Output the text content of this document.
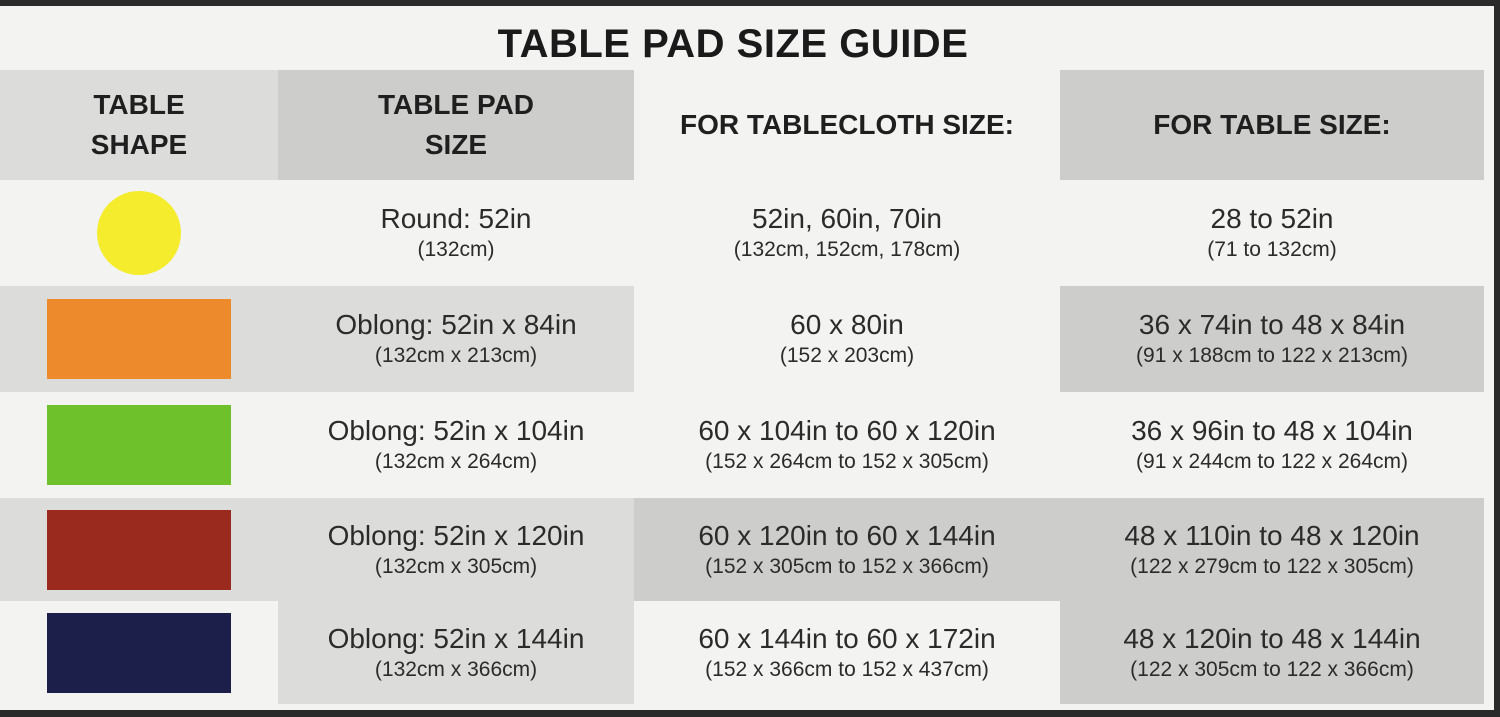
TABLE PAD SIZE GUIDE
TABLE
SHAPE
TABLE PAD
SIZE
FOR TABLECLOTH SIZE:	FOR TABLE SIZE:
Round: 52in
(132cm)
52in, 60in, 70in
(132cm, 152cm, 178cm)
28 to 52in
(71 to 132cm)
Oblong: 52in x 84in
(132cm x 213cm)
60 x 80in
(152 x 203cm)
36 x 74in to 48 x 84in
(91 x 188cm to 122 x 213cm)
Oblong: 52in x 104in
(132cm x 264cm)
60 x 104in to 60 x 120in
(152 x 264cm to 152 x 305cm)
36 x 96in to 48 x 104in
(91 x 244cm to 122 x 264cm)
Oblong: 52in x 120in
(132cm x 305cm)
60 x 120in to 60 x 144in
(152 x 305cm to 152 x 366cm)
48 x 110in to 48 x 120in
(122 x 279cm to 122 x 305cm)
Oblong: 52in x 144in
(132cm x 366cm)
60 x 144in to 60 x 172in
(152 x 366cm to 152 x 437cm)
48 x 120in to 48 x 144in
(122 x 305cm to 122 x 366cm)
